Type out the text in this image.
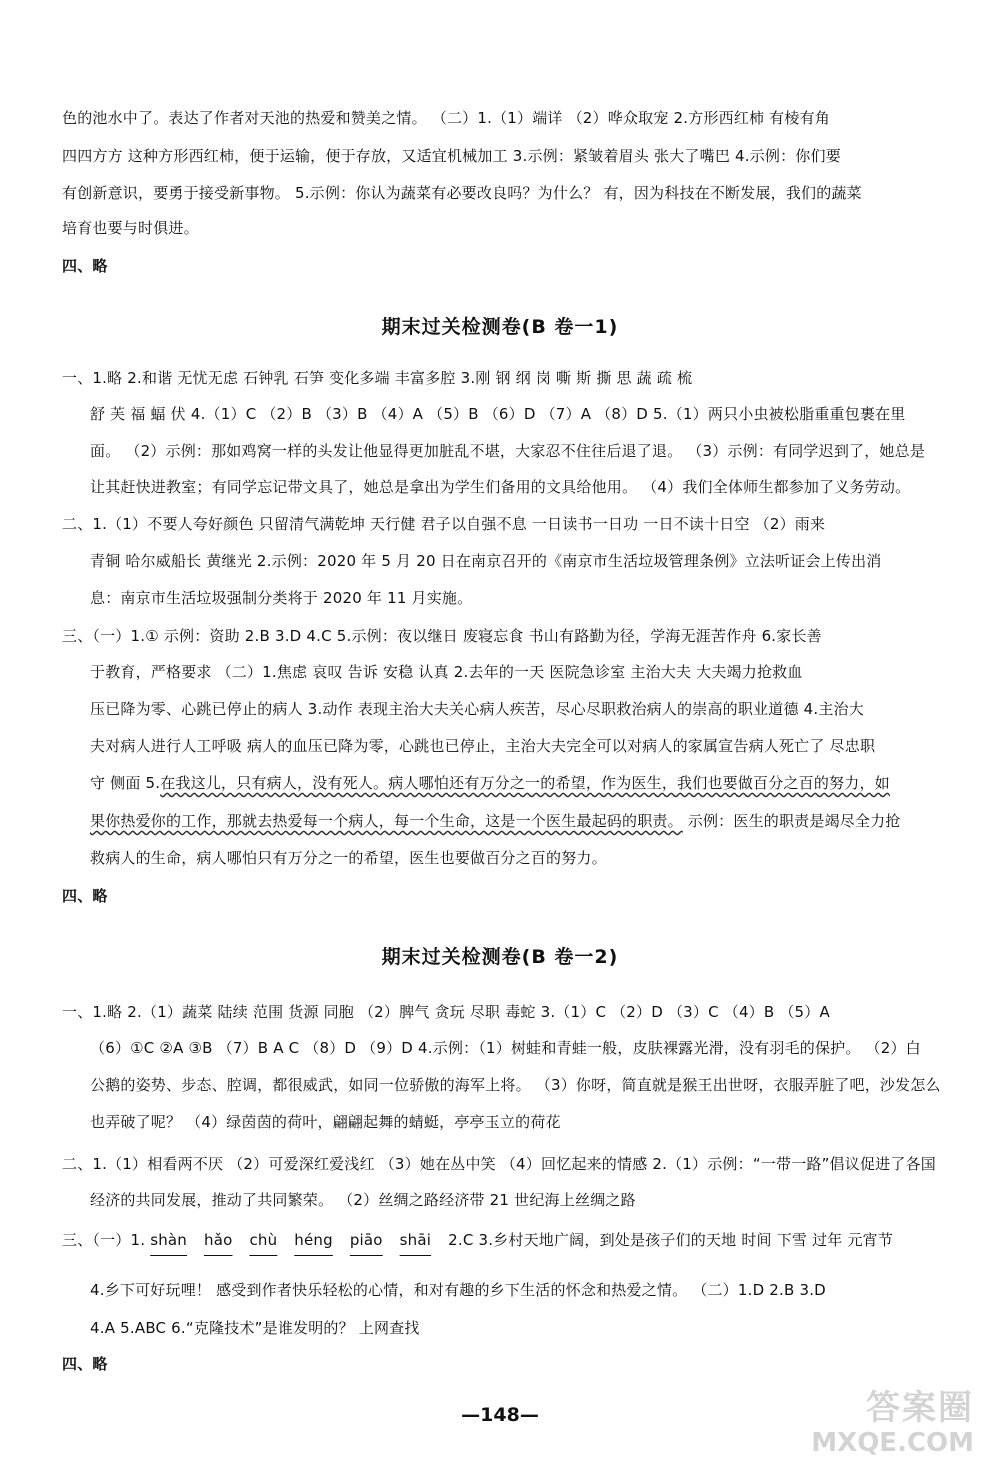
色的池水中了。表达了作者对天池的热爱和赞美之情。 （二）1.（1）端详 （2）哗众取宠 2.方形西红柿 有棱有角
四四方方 这种方形西红柿，便于运输，便于存放，又适宜机械加工 3.示例：紧皱着眉头 张大了嘴巴 4.示例：你们要
有创新意识，要勇于接受新事物。 5.示例：你认为蔬菜有必要改良吗？为什么？ 有，因为科技在不断发展，我们的蔬菜
培育也要与时俱进。
四、略
期末过关检测卷(B 卷一1)
一、1.略 2.和谐 无忧无虑 石钟乳 石笋 变化多端 丰富多腔 3.刚 钢 纲 岗 嘶 斯 撕 思 蔬 疏 梳
舒 芙 福 蝠 伏 4.（1）C （2）B （3）B （4）A （5）B （6）D （7）A （8）D 5.（1）两只小虫被松脂重重包裹在里
面。 （2）示例：那如鸡窝一样的头发让他显得更加脏乱不堪，大家忍不住往后退了退。 （3）示例：有同学迟到了，她总是
让其赶快进教室；有同学忘记带文具了，她总是拿出为学生们备用的文具给他用。 （4）我们全体师生都参加了义务劳动。
二、1.（1）不要人夸好颜色 只留清气满乾坤 天行健 君子以自强不息 一日读书一日功 一日不读十日空 （2）雨来
青铜 哈尔威船长 黄继光 2.示例：2020 年 5 月 20 日在南京召开的《南京市生活垃圾管理条例》立法听证会上传出消
息：南京市生活垃圾强制分类将于 2020 年 11 月实施。
三、（一）1.① 示例：资助 2.B 3.D 4.C 5.示例：夜以继日 废寝忘食 书山有路勤为径，学海无涯苦作舟 6.家长善
于教育，严格要求 （二）1.焦虑 哀叹 告诉 安稳 认真 2.去年的一天 医院急诊室 主治大夫 大夫竭力抢救血
压已降为零、心跳已停止的病人 3.动作 表现主治大夫关心病人疾苦，尽心尽职救治病人的崇高的职业道德 4.主治大
夫对病人进行人工呼吸 病人的血压已降为零，心跳也已停止，主治大夫完全可以对病人的家属宣告病人死亡了 尽忠职
守 侧面 5.在我这儿，只有病人，没有死人。病人哪怕还有万分之一的希望，作为医生，我们也要做百分之百的努力，如
果你热爱你的工作，那就去热爱每一个病人，每一个生命，这是一个医生最起码的职责。 示例：医生的职责是竭尽全力抢
救病人的生命，病人哪怕只有万分之一的希望，医生也要做百分之百的努力。
四、略
期末过关检测卷(B 卷一2)
一、1.略 2.（1）蔬菜 陆续 范围 货源 同胞 （2）脾气 贪玩 尽职 毒蛇 3.（1）C （2）D （3）C （4）B （5）A
（6）①C ②A ③B （7）B A C （8）D （9）D 4.示例：（1）树蛙和青蛙一般，皮肤裸露光滑，没有羽毛的保护。 （2）白
公鹅的姿势、步态、腔调，都很威武，如同一位骄傲的海军上将。 （3）你呀，简直就是猴王出世呀，衣服弄脏了吧，沙发怎么
也弄破了呢？ （4）绿茵茵的荷叶，翩翩起舞的蜻蜓，亭亭玉立的荷花
二、1.（1）相看两不厌 （2）可爱深红爱浅红 （3）她在丛中笑 （4）回忆起来的情感 2.（1）示例：“一带一路”倡议促进了各国
经济的共同发展，推动了共同繁荣。 （2）丝绸之路经济带 21 世纪海上丝绸之路
三、（一）1. shàn hǎo chù héng piāo shāi 2.C 3.乡村天地广阔，到处是孩子们的天地 时间 下雪 过年 元宵节
4.乡下可好玩哩！ 感受到作者快乐轻松的心情，和对有趣的乡下生活的怀念和热爱之情。 （二）1.D 2.B 3.D
4.A 5.ABC 6.“克隆技术”是谁发明的？ 上网查找
四、略
—148—	答案圈
MXQE.COM
